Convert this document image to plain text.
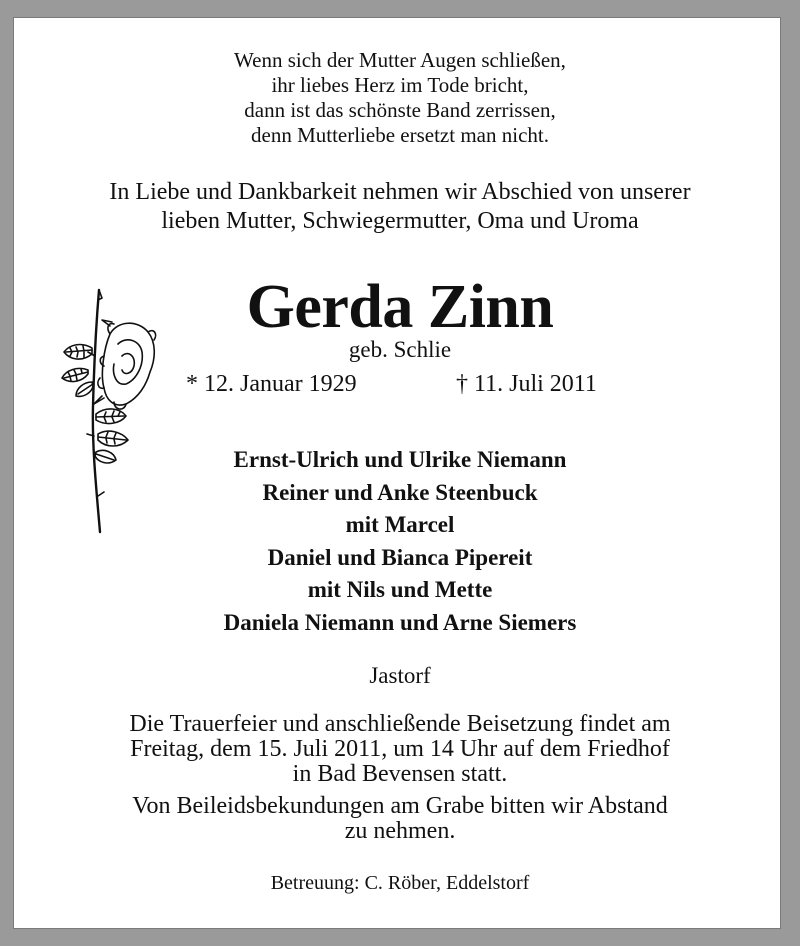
Wenn sich der Mutter Augen schließen,
ihr liebes Herz im Tode bricht,
dann ist das schönste Band zerrissen,
denn Mutterliebe ersetzt man nicht.
In Liebe und Dankbarkeit nehmen wir Abschied von unserer
lieben Mutter, Schwiegermutter, Oma und Uroma
Gerda Zinn
geb. Schlie
* 12. Januar 1929	† 11. Juli 2011
Ernst-Ulrich und Ulrike Niemann
Reiner und Anke Steenbuck
mit Marcel
Daniel und Bianca Pipereit
mit Nils und Mette
Daniela Niemann und Arne Siemers
Jastorf
Die Trauerfeier und anschließende Beisetzung findet am
Freitag, dem 15. Juli 2011, um 14 Uhr auf dem Friedhof
in Bad Bevensen statt.
Von Beileidsbekundungen am Grabe bitten wir Abstand
zu nehmen.
Betreuung: C. Röber, Eddelstorf
